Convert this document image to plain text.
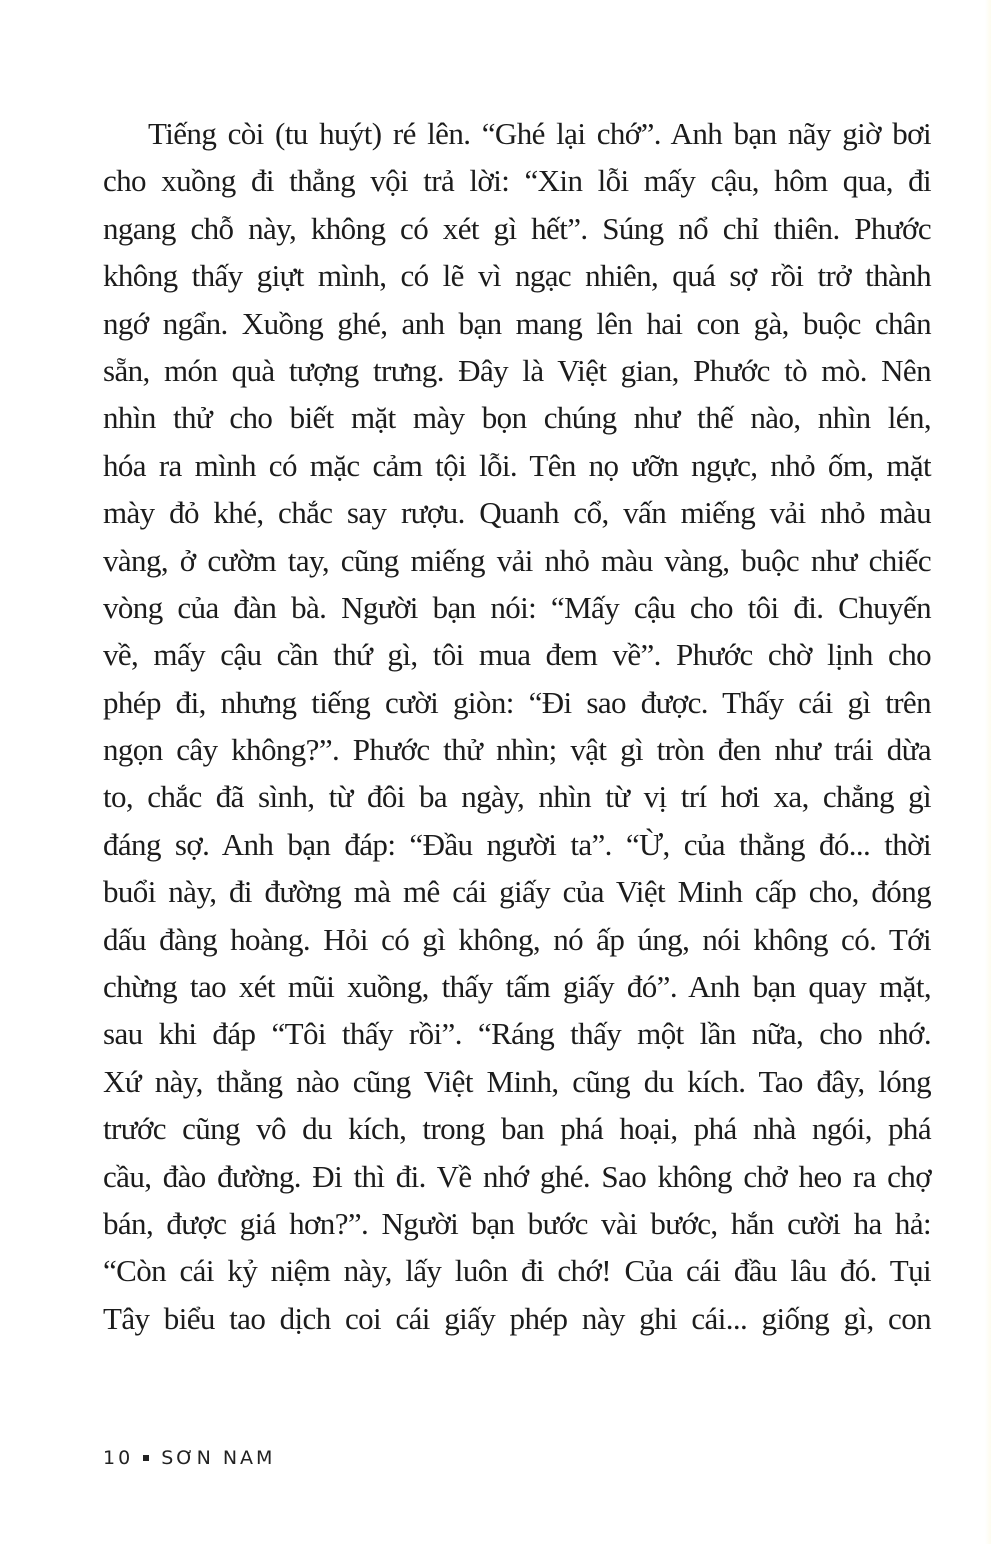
Tiếng còi (tu huýt) ré lên. “Ghé lại chớ”. Anh bạn nãy giờ bơi
cho xuồng đi thẳng vội trả lời: “Xin lỗi mấy cậu, hôm qua, đi
ngang chỗ này, không có xét gì hết”. Súng nổ chỉ thiên. Phước
không thấy giựt mình, có lẽ vì ngạc nhiên, quá sợ rồi trở thành
ngớ ngẩn. Xuồng ghé, anh bạn mang lên hai con gà, buộc chân
sẵn, món quà tượng trưng. Đây là Việt gian, Phước tò mò. Nên
nhìn thử cho biết mặt mày bọn chúng như thế nào, nhìn lén,
hóa ra mình có mặc cảm tội lỗi. Tên nọ ưỡn ngực, nhỏ ốm, mặt
mày đỏ khé, chắc say rượu. Quanh cổ, vấn miếng vải nhỏ màu
vàng, ở cườm tay, cũng miếng vải nhỏ màu vàng, buộc như chiếc
vòng của đàn bà. Người bạn nói: “Mấy cậu cho tôi đi. Chuyến
về, mấy cậu cần thứ gì, tôi mua đem về”. Phước chờ lịnh cho
phép đi, nhưng tiếng cười giòn: “Đi sao được. Thấy cái gì trên
ngọn cây không?”. Phước thử nhìn; vật gì tròn đen như trái dừa
to, chắc đã sình, từ đôi ba ngày, nhìn từ vị trí hơi xa, chẳng gì
đáng sợ. Anh bạn đáp: “Đầu người ta”. “Ừ, của thằng đó... thời
buổi này, đi đường mà mê cái giấy của Việt Minh cấp cho, đóng
dấu đàng hoàng. Hỏi có gì không, nó ấp úng, nói không có. Tới
chừng tao xét mũi xuồng, thấy tấm giấy đó”. Anh bạn quay mặt,
sau khi đáp “Tôi thấy rồi”. “Ráng thấy một lần nữa, cho nhớ.
Xứ này, thằng nào cũng Việt Minh, cũng du kích. Tao đây, lóng
trước cũng vô du kích, trong ban phá hoại, phá nhà ngói, phá
cầu, đào đường. Đi thì đi. Về nhớ ghé. Sao không chở heo ra chợ
bán, được giá hơn?”. Người bạn bước vài bước, hắn cười ha hả:
“Còn cái kỷ niệm này, lấy luôn đi chớ! Của cái đầu lâu đó. Tụi
Tây biểu tao dịch coi cái giấy phép này ghi cái... giống gì, con
10 SƠN NAM
